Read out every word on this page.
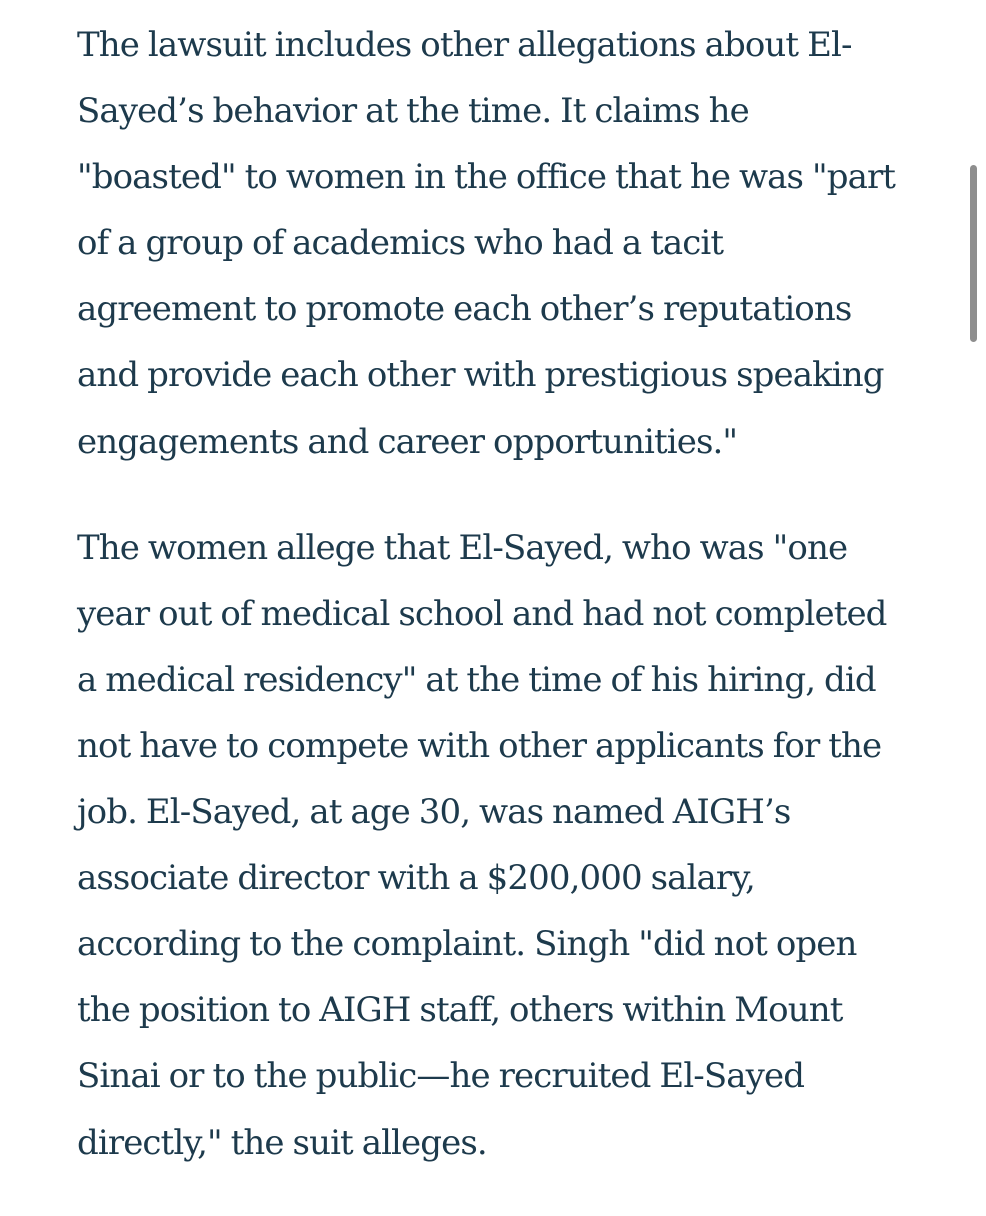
The lawsuit includes other allegations about El-
Sayed’s behavior at the time. It claims he
"boasted" to women in the office that he was "part
of a group of academics who had a tacit
agreement to promote each other’s reputations
and provide each other with prestigious speaking
engagements and career opportunities."

The women allege that El-Sayed, who was "one
year out of medical school and had not completed
a medical residency" at the time of his hiring, did
not have to compete with other applicants for the
job. El-Sayed, at age 30, was named AIGH’s
associate director with a $200,000 salary,
according to the complaint. Singh "did not open
the position to AIGH staff, others within Mount
Sinai or to the public—he recruited El-Sayed
directly," the suit alleges.
